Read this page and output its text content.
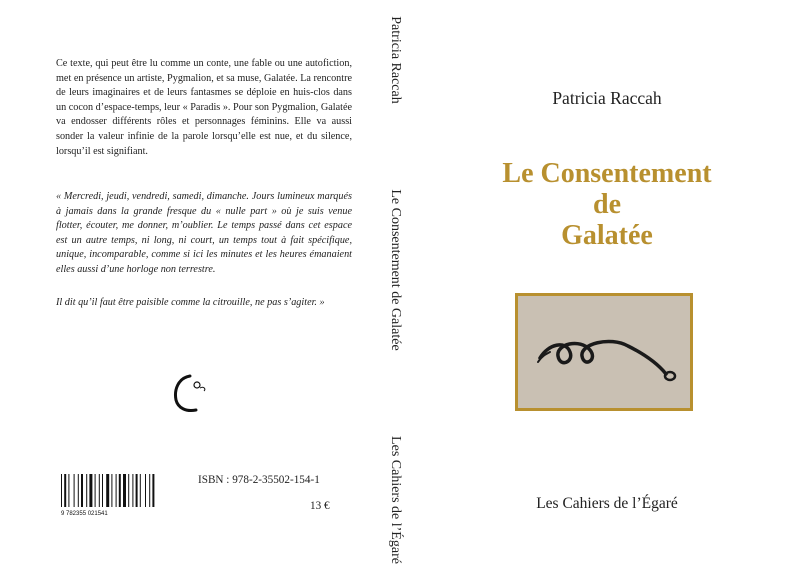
Ce texte, qui peut être lu comme un conte, une fable ou une autofiction, met en présence un artiste, Pygmalion, et sa muse, Galatée. La rencontre de leurs imaginaires et de leurs fantasmes se déploie en huis-clos dans un cocon d’espace-temps, leur « Paradis ». Pour son Pygmalion, Galatée va endosser différents rôles et personnages féminins. Elle va aussi sonder la valeur infinie de la parole lorsqu’elle est nue, et du silence, lorsqu’il est signifiant.

« Mercredi, jeudi, vendredi, samedi, dimanche. Jours lumineux marqués à jamais dans la grande fresque du « nulle part » où je suis venue flotter, écouter, me donner, m’oublier. Le temps passé dans cet espace est un autre temps, ni long, ni court, un temps tout à fait spécifique, unique, incomparable, comme si ici les minutes et les heures émanaient elles aussi d’une horloge non terrestre.

Il dit qu’il faut être paisible comme la citrouille, ne pas s’agiter. »

9 782355 021541

ISBN : 978-2-35502-154-1

13 €

Patricia Raccah
Le Consentement de Galatée
Les Cahiers de l’Égaré

Patricia Raccah

Le Consentement
de
Galatée

Les Cahiers de l’Égaré
